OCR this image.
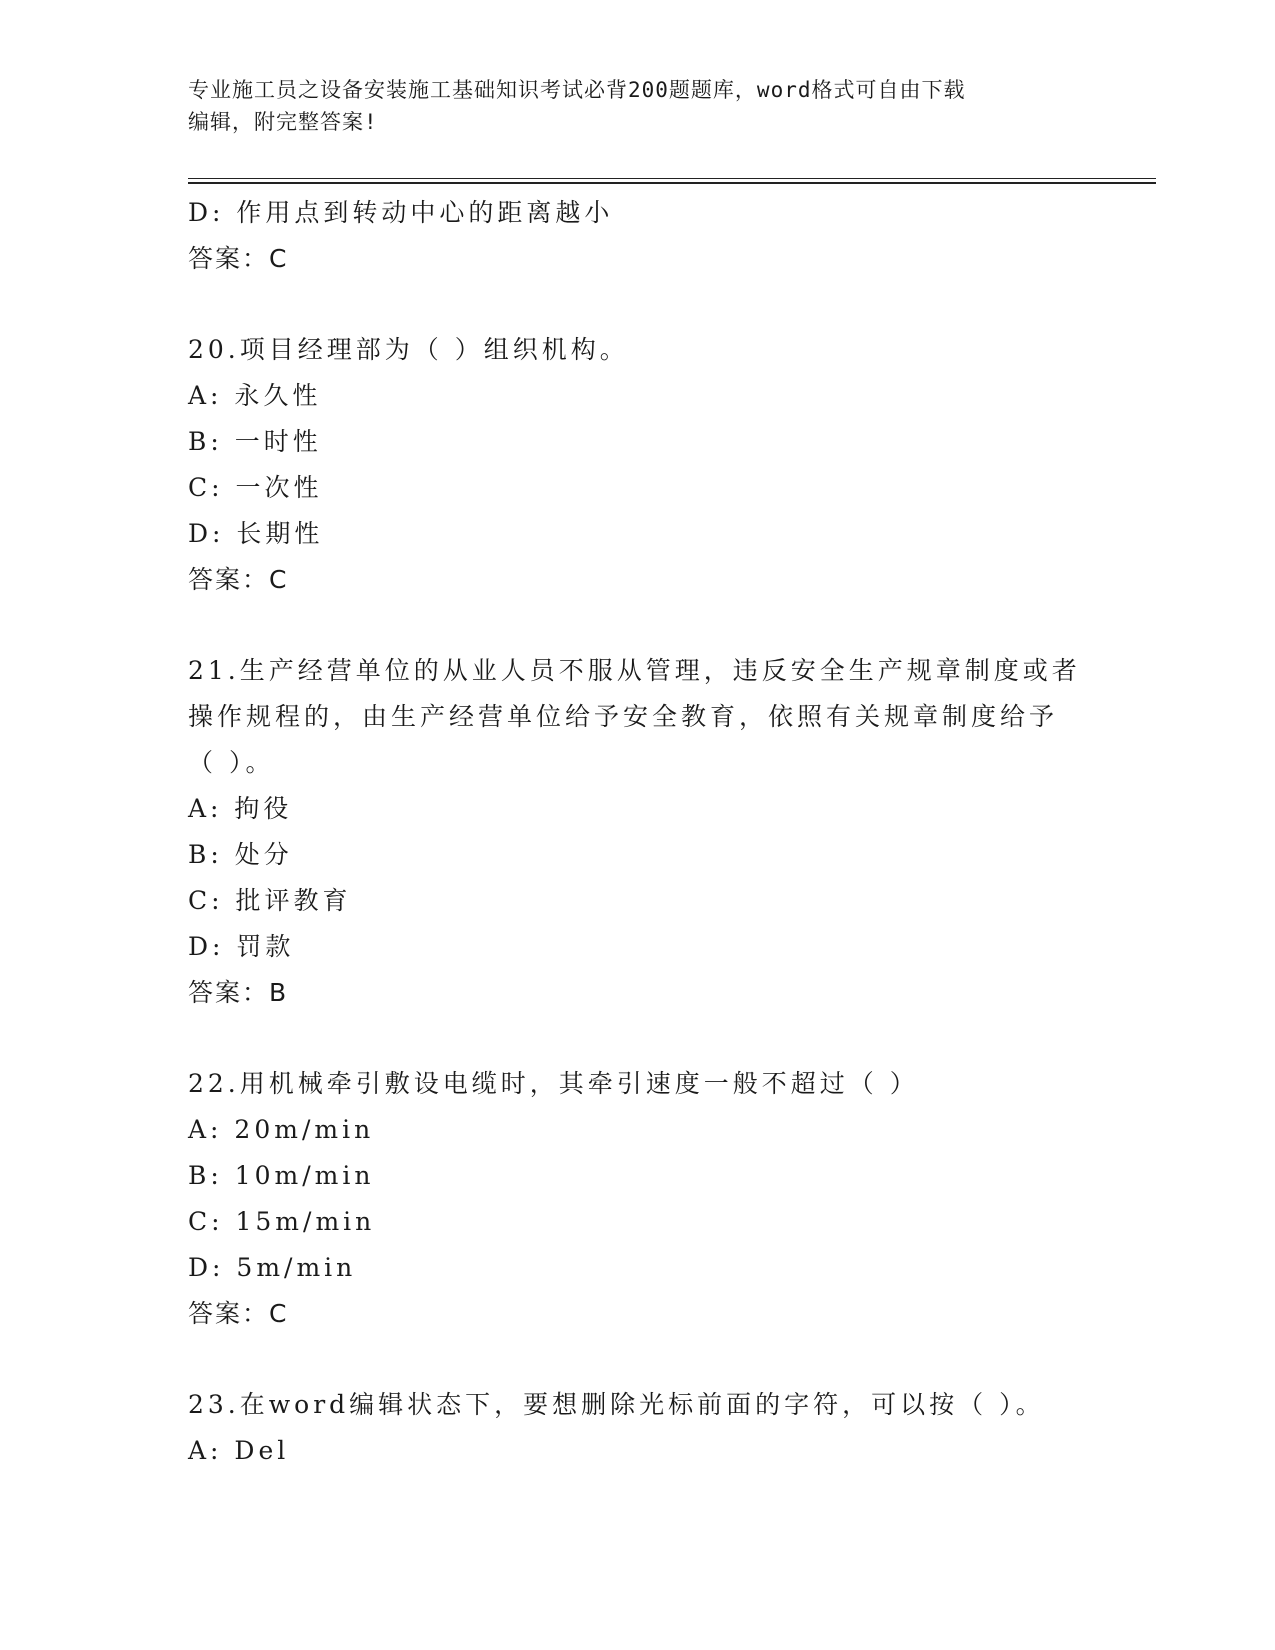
专业施工员之设备安装施工基础知识考试必背200题题库，word格式可自由下载
编辑，附完整答案!
D: 作用点到转动中心的距离越小
答案：C
20.项目经理部为（ ）组织机构。
A: 永久性
B: 一时性
C: 一次性
D: 长期性
答案：C
21.生产经营单位的从业人员不服从管理，违反安全生产规章制度或者
操作规程的，由生产经营单位给予安全教育，依照有关规章制度给予
（ ）。
A: 拘役
B: 处分
C: 批评教育
D: 罚款
答案：B
22.用机械牵引敷设电缆时，其牵引速度一般不超过（ ）
A: 20m/min
B: 10m/min
C: 15m/min
D: 5m/min
答案：C
23.在word编辑状态下，要想删除光标前面的字符，可以按（ ）。
A: Del
